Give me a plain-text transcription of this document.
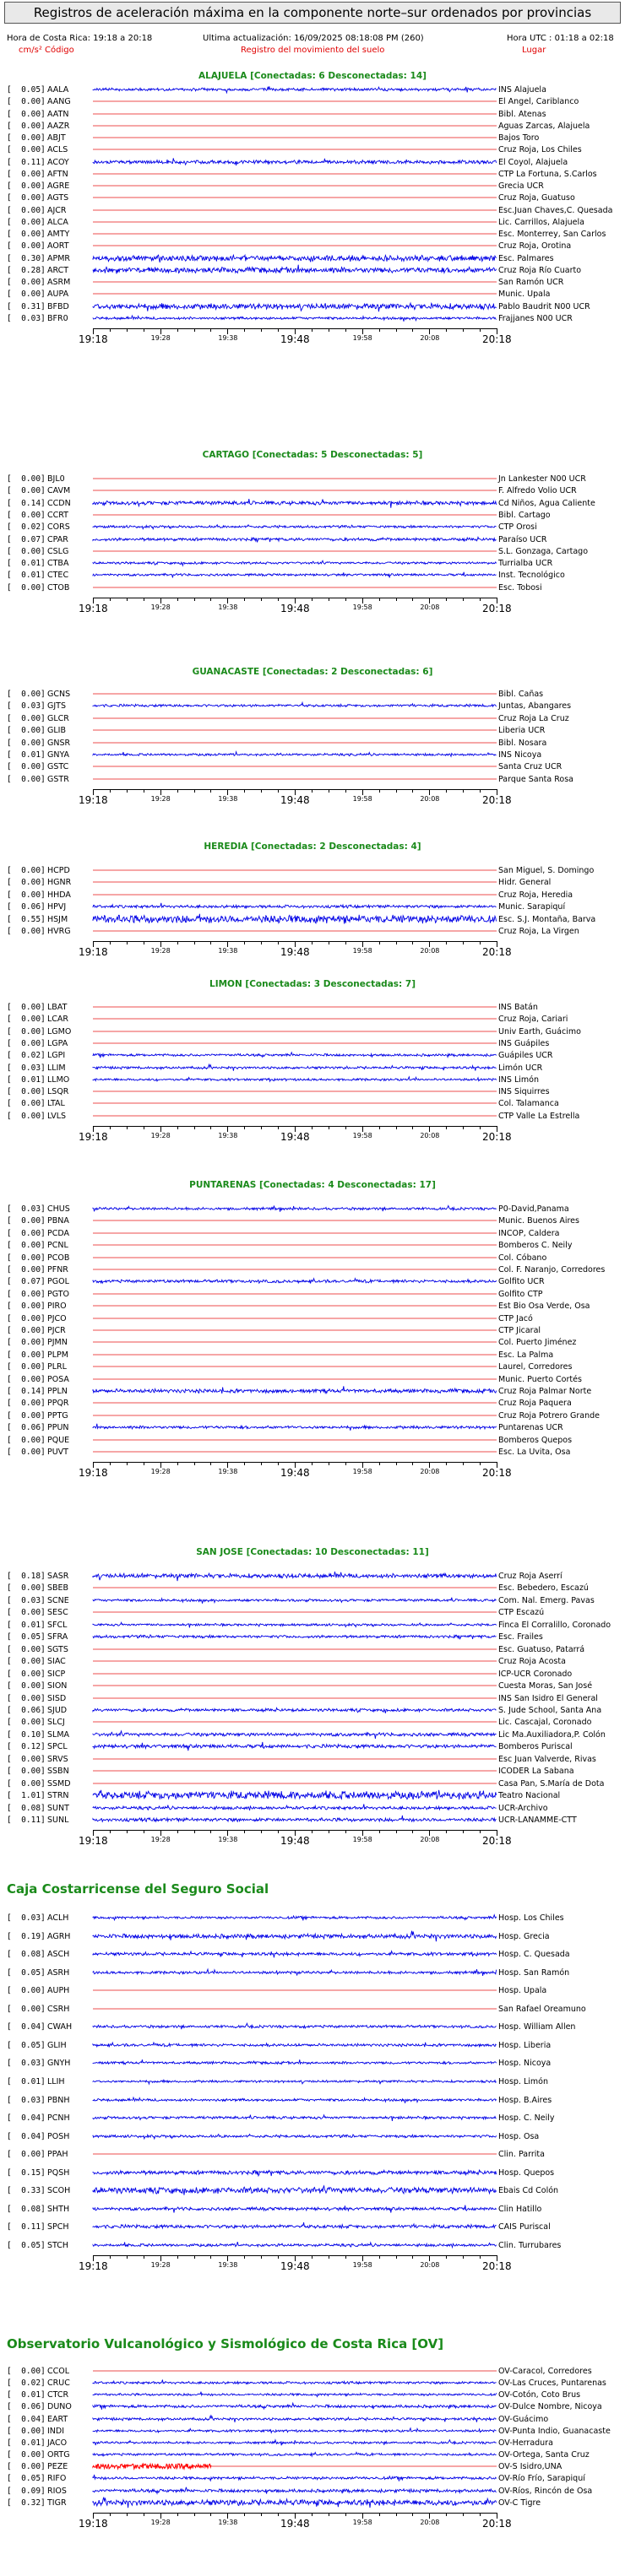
Registros de aceleración máxima en la componente norte–sur ordenados por provincias
Hora de Costa Rica: 19:18 a 20:18	Ultima actualización: 16/09/2025 08:18:08 PM (260)	Hora UTC : 01:18 a 02:18
cm/s² Código	Registro del movimiento del suelo	Lugar
ALAJUELA [Conectadas: 6 Desconectadas: 14]
[  0.05] AALA	INS Alajuela
[  0.00] AANG	El Angel, Cariblanco
[  0.00] AATN	Bibl. Atenas
[  0.00] AAZR	Aguas Zarcas, Alajuela
[  0.00] ABJT	Bajos Toro
[  0.00] ACLS	Cruz Roja, Los Chiles
[  0.11] ACOY	El Coyol, Alajuela
[  0.00] AFTN	CTP La Fortuna, S.Carlos
[  0.00] AGRE	Grecia UCR
[  0.00] AGTS	Cruz Roja, Guatuso
[  0.00] AJCR	Esc.Juan Chaves,C. Quesada
[  0.00] ALCA	Lic. Carrillos, Alajuela
[  0.00] AMTY	Esc. Monterrey, San Carlos
[  0.00] AORT	Cruz Roja, Orotina
[  0.30] APMR	Esc. Palmares
[  0.28] ARCT	Cruz Roja Río Cuarto
[  0.00] ASRM	San Ramón UCR
[  0.00] AUPA	Munic. Upala
[  0.31] BFBD	Pablo Baudrit N00 UCR
[  0.03] BFR0	Frajjanes N00 UCR
19:18	19:28	19:38	19:48	19:58	20:08	20:18
CARTAGO [Conectadas: 5 Desconectadas: 5]
[  0.00] BJL0	Jn Lankester N00 UCR
[  0.00] CAVM	F. Alfredo Volio UCR
[  0.14] CCDN	Cd Niños, Agua Caliente
[  0.00] CCRT	Bibl. Cartago
[  0.02] CORS	CTP Orosi
[  0.07] CPAR	Paraíso UCR
[  0.00] CSLG	S.L. Gonzaga, Cartago
[  0.01] CTBA	Turrialba UCR
[  0.01] CTEC	Inst. Tecnológico
[  0.00] CTOB	Esc. Tobosi
19:18	19:28	19:38	19:48	19:58	20:08	20:18
GUANACASTE [Conectadas: 2 Desconectadas: 6]
[  0.00] GCNS	Bibl. Cañas
[  0.03] GJTS	Juntas, Abangares
[  0.00] GLCR	Cruz Roja La Cruz
[  0.00] GLIB	Liberia UCR
[  0.00] GNSR	Bibl. Nosara
[  0.01] GNYA	INS Nicoya
[  0.00] GSTC	Santa Cruz UCR
[  0.00] GSTR	Parque Santa Rosa
19:18	19:28	19:38	19:48	19:58	20:08	20:18
HEREDIA [Conectadas: 2 Desconectadas: 4]
[  0.00] HCPD	San Miguel, S. Domingo
[  0.00] HGNR	Hidr. General
[  0.00] HHDA	Cruz Roja, Heredia
[  0.06] HPVJ	Munic. Sarapiquí
[  0.55] HSJM	Esc. S.J. Montaña, Barva
[  0.00] HVRG	Cruz Roja, La Virgen
19:18	19:28	19:38	19:48	19:58	20:08	20:18
LIMON [Conectadas: 3 Desconectadas: 7]
[  0.00] LBAT	INS Batán
[  0.00] LCAR	Cruz Roja, Cariari
[  0.00] LGMO	Univ Earth, Guácimo
[  0.00] LGPA	INS Guápiles
[  0.02] LGPI	Guápiles UCR
[  0.03] LLIM	Limón UCR
[  0.01] LLMO	INS Limón
[  0.00] LSQR	INS Siquirres
[  0.00] LTAL	Col. Talamanca
[  0.00] LVLS	CTP Valle La Estrella
19:18	19:28	19:38	19:48	19:58	20:08	20:18
PUNTARENAS [Conectadas: 4 Desconectadas: 17]
[  0.03] CHUS	P0-David,Panama
[  0.00] PBNA	Munic. Buenos Aires
[  0.00] PCDA	INCOP, Caldera
[  0.00] PCNL	Bomberos C. Neily
[  0.00] PCOB	Col. Cóbano
[  0.00] PFNR	Col. F. Naranjo, Corredores
[  0.07] PGOL	Golfito UCR
[  0.00] PGTO	Golfito CTP
[  0.00] PIRO	Est Bio Osa Verde, Osa
[  0.00] PJCO	CTP Jacó
[  0.00] PJCR	CTP Jicaral
[  0.00] PJMN	Col. Puerto Jiménez
[  0.00] PLPM	Esc. La Palma
[  0.00] PLRL	Laurel, Corredores
[  0.00] POSA	Munic. Puerto Cortés
[  0.14] PPLN	Cruz Roja Palmar Norte
[  0.00] PPQR	Cruz Roja Paquera
[  0.00] PPTG	Cruz Roja Potrero Grande
[  0.06] PPUN	Puntarenas UCR
[  0.00] PQUE	Bomberos Quepos
[  0.00] PUVT	Esc. La Uvita, Osa
19:18	19:28	19:38	19:48	19:58	20:08	20:18
SAN JOSE [Conectadas: 10 Desconectadas: 11]
[  0.18] SASR	Cruz Roja Aserrí
[  0.00] SBEB	Esc. Bebedero, Escazú
[  0.03] SCNE	Com. Nal. Emerg. Pavas
[  0.00] SESC	CTP Escazú
[  0.01] SFCL	Finca El Corralillo, Coronado
[  0.05] SFRA	Esc. Frailes
[  0.00] SGTS	Esc. Guatuso, Patarrá
[  0.00] SIAC	Cruz Roja Acosta
[  0.00] SICP	ICP-UCR Coronado
[  0.00] SION	Cuesta Moras, San José
[  0.00] SISD	INS San Isidro El General
[  0.06] SJUD	S. Jude School, Santa Ana
[  0.00] SLCJ	Lic. Cascajal, Coronado
[  0.10] SLMA	Lic Ma.Auxiliadora,P. Colón
[  0.12] SPCL	Bomberos Puriscal
[  0.00] SRVS	Esc Juan Valverde, Rivas
[  0.00] SSBN	ICODER La Sabana
[  0.00] SSMD	Casa Pan, S.María de Dota
[  1.01] STRN	Teatro Nacional
[  0.08] SUNT	UCR-Archivo
[  0.11] SUNL	UCR-LANAMME-CTT
19:18	19:28	19:38	19:48	19:58	20:08	20:18
Caja Costarricense del Seguro Social
[  0.03] ACLH	Hosp. Los Chiles
[  0.19] AGRH	Hosp. Grecia
[  0.08] ASCH	Hosp. C. Quesada
[  0.05] ASRH	Hosp. San Ramón
[  0.00] AUPH	Hosp. Upala
[  0.00] CSRH	San Rafael Oreamuno
[  0.04] CWAH	Hosp. William Allen
[  0.05] GLIH	Hosp. Liberia
[  0.03] GNYH	Hosp. Nicoya
[  0.01] LLIH	Hosp. Limón
[  0.03] PBNH	Hosp. B.Aires
[  0.04] PCNH	Hosp. C. Neily
[  0.04] POSH	Hosp. Osa
[  0.00] PPAH	Clin. Parrita
[  0.15] PQSH	Hosp. Quepos
[  0.33] SCOH	Ebais Cd Colón
[  0.08] SHTH	Clin Hatillo
[  0.11] SPCH	CAIS Puriscal
[  0.05] STCH	Clin. Turrubares
19:18	19:28	19:38	19:48	19:58	20:08	20:18
Observatorio Vulcanológico y Sismológico de Costa Rica [OV]
[  0.00] CCOL	OV-Caracol, Corredores
[  0.02] CRUC	OV-Las Cruces, Puntarenas
[  0.01] CTCR	OV-Cotón, Coto Brus
[  0.06] DUNO	OV-Dulce Nombre, Nicoya
[  0.04] EART	OV-Guácimo
[  0.00] INDI	OV-Punta Indio, Guanacaste
[  0.01] JACO	OV-Herradura
[  0.00] ORTG	OV-Ortega, Santa Cruz
[  0.00] PEZE	OV-S Isidro,UNA
[  0.05] RIFO	OV-Río Frío, Sarapiquí
[  0.09] RIOS	OV-Ríos, Rincón de Osa
[  0.32] TIGR	OV-C Tigre
19:18	19:28	19:38	19:48	19:58	20:08	20:18
